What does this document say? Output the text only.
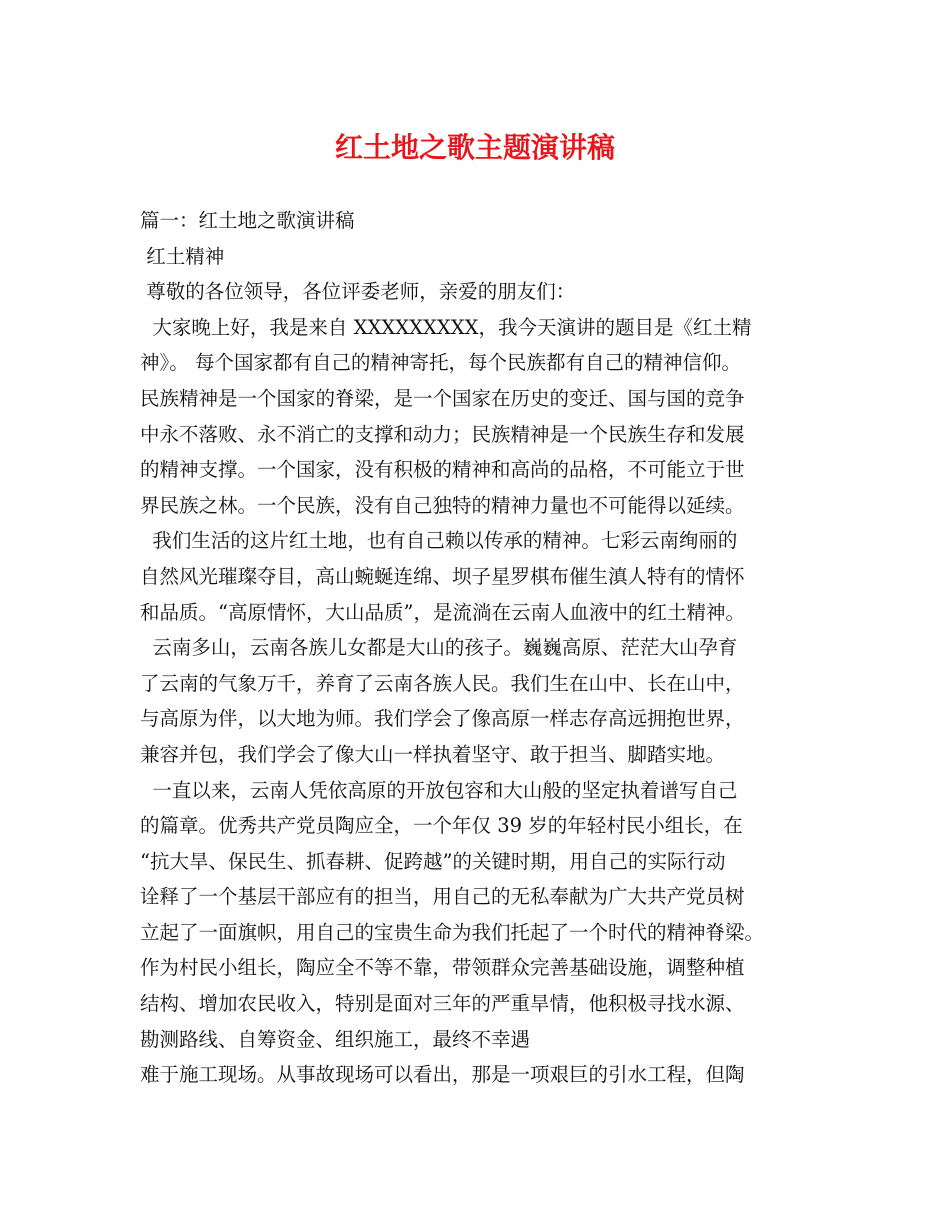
红土地之歌主题演讲稿
篇一：红土地之歌演讲稿
红土精神
尊敬的各位领导，各位评委老师，亲爱的朋友们：
大家晚上好，我是来自 XXXXXXXXX，我今天演讲的题目是《红土精
神》。 每个国家都有自己的精神寄托，每个民族都有自己的精神信仰。
民族精神是一个国家的脊梁，是一个国家在历史的变迁、国与国的竞争
中永不落败、永不消亡的支撑和动力；民族精神是一个民族生存和发展
的精神支撑。一个国家，没有积极的精神和高尚的品格，不可能立于世
界民族之林。一个民族，没有自己独特的精神力量也不可能得以延续。
我们生活的这片红土地，也有自己赖以传承的精神。七彩云南绚丽的
自然风光璀璨夺目，高山蜿蜒连绵、坝子星罗棋布催生滇人特有的情怀
和品质。“高原情怀，大山品质”，是流淌在云南人血液中的红土精神。
云南多山，云南各族儿女都是大山的孩子。巍巍高原、茫茫大山孕育
了云南的气象万千，养育了云南各族人民。我们生在山中、长在山中，
与高原为伴，以大地为师。我们学会了像高原一样志存高远拥抱世界，
兼容并包，我们学会了像大山一样执着坚守、敢于担当、脚踏实地。
一直以来，云南人凭依高原的开放包容和大山般的坚定执着谱写自己
的篇章。优秀共产党员陶应全，一个年仅 39 岁的年轻村民小组长，在
“抗大旱、保民生、抓春耕、促跨越”的关键时期，用自己的实际行动
诠释了一个基层干部应有的担当，用自己的无私奉献为广大共产党员树
立起了一面旗帜，用自己的宝贵生命为我们托起了一个时代的精神脊梁。
作为村民小组长，陶应全不等不靠，带领群众完善基础设施，调整种植
结构、增加农民收入，特别是面对三年的严重旱情，他积极寻找水源、
勘测路线、自筹资金、组织施工，最终不幸遇
难于施工现场。从事故现场可以看出，那是一项艰巨的引水工程，但陶
